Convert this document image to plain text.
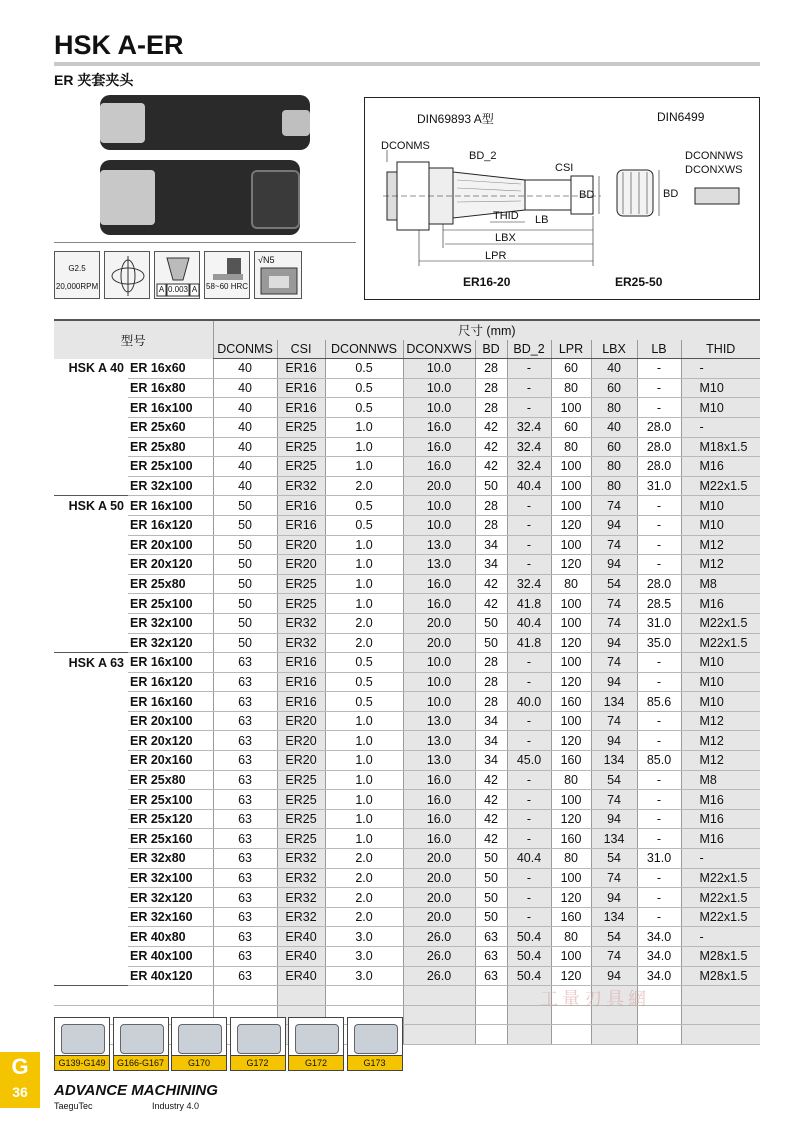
HSK A-ER
ER 夹套夹头
G2.5
20,000RPM	A 0.003 A 58~60 HRC
√N5
DIN69893 A型	DIN6499
DCONMS
BD_2
CSI
BD
THID LB
LBX
LPR
DCONNWS
DCONXWS
BD
ER16-20	ER25-50
型号		尺寸 (mm)									
		DCONMS	CSI	DCONNWS	DCONXWS	BD	BD_2	LPR	LBX	LB	THID
HSK A 40	ER 16x60	40	ER16	0.5	10.0	28	-	60	40	-	-
	ER 16x80	40	ER16	0.5	10.0	28	-	80	60	-	M10
	ER 16x100	40	ER16	0.5	10.0	28	-	100	80	-	M10
	ER 25x60	40	ER25	1.0	16.0	42	32.4	60	40	28.0	-
	ER 25x80	40	ER25	1.0	16.0	42	32.4	80	60	28.0	M18x1.5
	ER 25x100	40	ER25	1.0	16.0	42	32.4	100	80	28.0	M16
	ER 32x100	40	ER32	2.0	20.0	50	40.4	100	80	31.0	M22x1.5
HSK A 50	ER 16x100	50	ER16	0.5	10.0	28	-	100	74	-	M10
	ER 16x120	50	ER16	0.5	10.0	28	-	120	94	-	M10
	ER 20x100	50	ER20	1.0	13.0	34	-	100	74	-	M12
	ER 20x120	50	ER20	1.0	13.0	34	-	120	94	-	M12
	ER 25x80	50	ER25	1.0	16.0	42	32.4	80	54	28.0	M8
	ER 25x100	50	ER25	1.0	16.0	42	41.8	100	74	28.5	M16
	ER 32x100	50	ER32	2.0	20.0	50	40.4	100	74	31.0	M22x1.5
	ER 32x120	50	ER32	2.0	20.0	50	41.8	120	94	35.0	M22x1.5
HSK A 63	ER 16x100	63	ER16	0.5	10.0	28	-	100	74	-	M10
	ER 16x120	63	ER16	0.5	10.0	28	-	120	94	-	M10
	ER 16x160	63	ER16	0.5	10.0	28	40.0	160	134	85.6	M10
	ER 20x100	63	ER20	1.0	13.0	34	-	100	74	-	M12
	ER 20x120	63	ER20	1.0	13.0	34	-	120	94	-	M12
	ER 20x160	63	ER20	1.0	13.0	34	45.0	160	134	85.0	M12
	ER 25x80	63	ER25	1.0	16.0	42	-	80	54	-	M8
	ER 25x100	63	ER25	1.0	16.0	42	-	100	74	-	M16
	ER 25x120	63	ER25	1.0	16.0	42	-	120	94	-	M16
	ER 25x160	63	ER25	1.0	16.0	42	-	160	134	-	M16
	ER 32x80	63	ER32	2.0	20.0	50	40.4	80	54	31.0	-
	ER 32x100	63	ER32	2.0	20.0	50	-	100	74	-	M22x1.5
	ER 32x120	63	ER32	2.0	20.0	50	-	120	94	-	M22x1.5
	ER 32x160	63	ER32	2.0	20.0	50	-	160	134	-	M22x1.5
	ER 40x80	63	ER40	3.0	26.0	63	50.4	80	54	34.0	-
	ER 40x100	63	ER40	3.0	26.0	63	50.4	100	74	34.0	M28x1.5
	ER 40x120	63	ER40	3.0	26.0	63	50.4	120	94	34.0	M28x1.5

G139-G149	G166-G167	G170	G172	G172	G173
工量刃具網
G
36	ADVANCE MACHINING
TaeguTec	Industry 4.0
